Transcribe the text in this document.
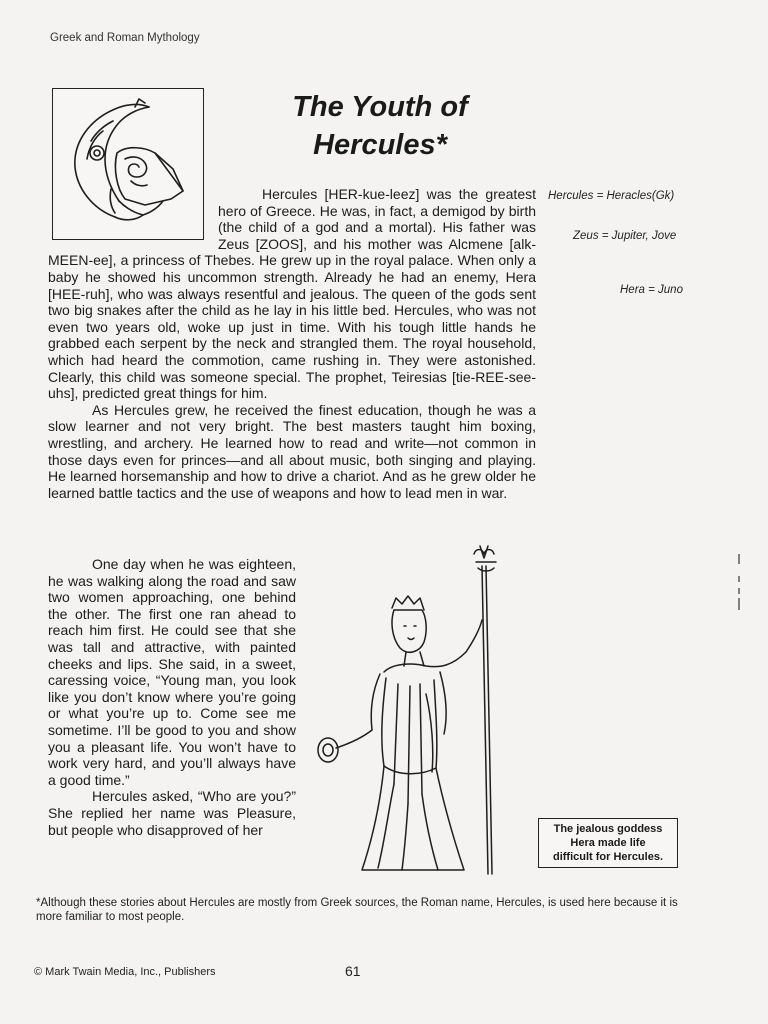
Greek and Roman Mythology
The Youth of
Hercules*

Hercules [HER-kue-leez] was the greatest hero of Greece. He was, in fact, a demigod by birth (the child of a god and a mortal). His father was Zeus [ZOOS], and his mother was Alcmene [alk-MEEN-ee], a princess of Thebes. He grew up in the royal palace. When only a baby he showed his uncommon strength. Already he had an enemy, Hera [HEE-ruh], who was always resentful and jealous. The queen of the gods sent two big snakes after the child as he lay in his little bed. Hercules, who was not even two years old, woke up just in time. With his tough little hands he grabbed each serpent by the neck and strangled them. The royal household, which had heard the commotion, came rushing in. They were astonished. Clearly, this child was someone special. The prophet, Teiresias [tie-REE-see-uhs], predicted great things for him.

As Hercules grew, he received the finest education, though he was a slow learner and not very bright. The best masters taught him boxing, wrestling, and archery. He learned how to read and write—not common in those days even for princes—and all about music, both singing and playing. He learned horsemanship and how to drive a chariot. And as he grew older he learned battle tactics and the use of weapons and how to lead men in war.

Hercules = Heracles(Gk)
Zeus = Jupiter, Jove
Hera = Juno

One day when he was eighteen, he was walking along the road and saw two women approaching, one behind the other. The first one ran ahead to reach him first. He could see that she was tall and attractive, with painted cheeks and lips. She said, in a sweet, caressing voice, “Young man, you look like you don’t know where you’re going or what you’re up to. Come see me sometime. I’ll be good to you and show you a pleasant life. You won’t have to work very hard, and you’ll always have a good time.”

Hercules asked, “Who are you?” She replied her name was Pleasure, but people who disapproved of her	The jealous goddess
Hera made life
difficult for Hercules.
*Although these stories about Hercules are mostly from Greek sources, the Roman name, Hercules, is used here because it is more familiar to most people.
© Mark Twain Media, Inc., Publishers	61
